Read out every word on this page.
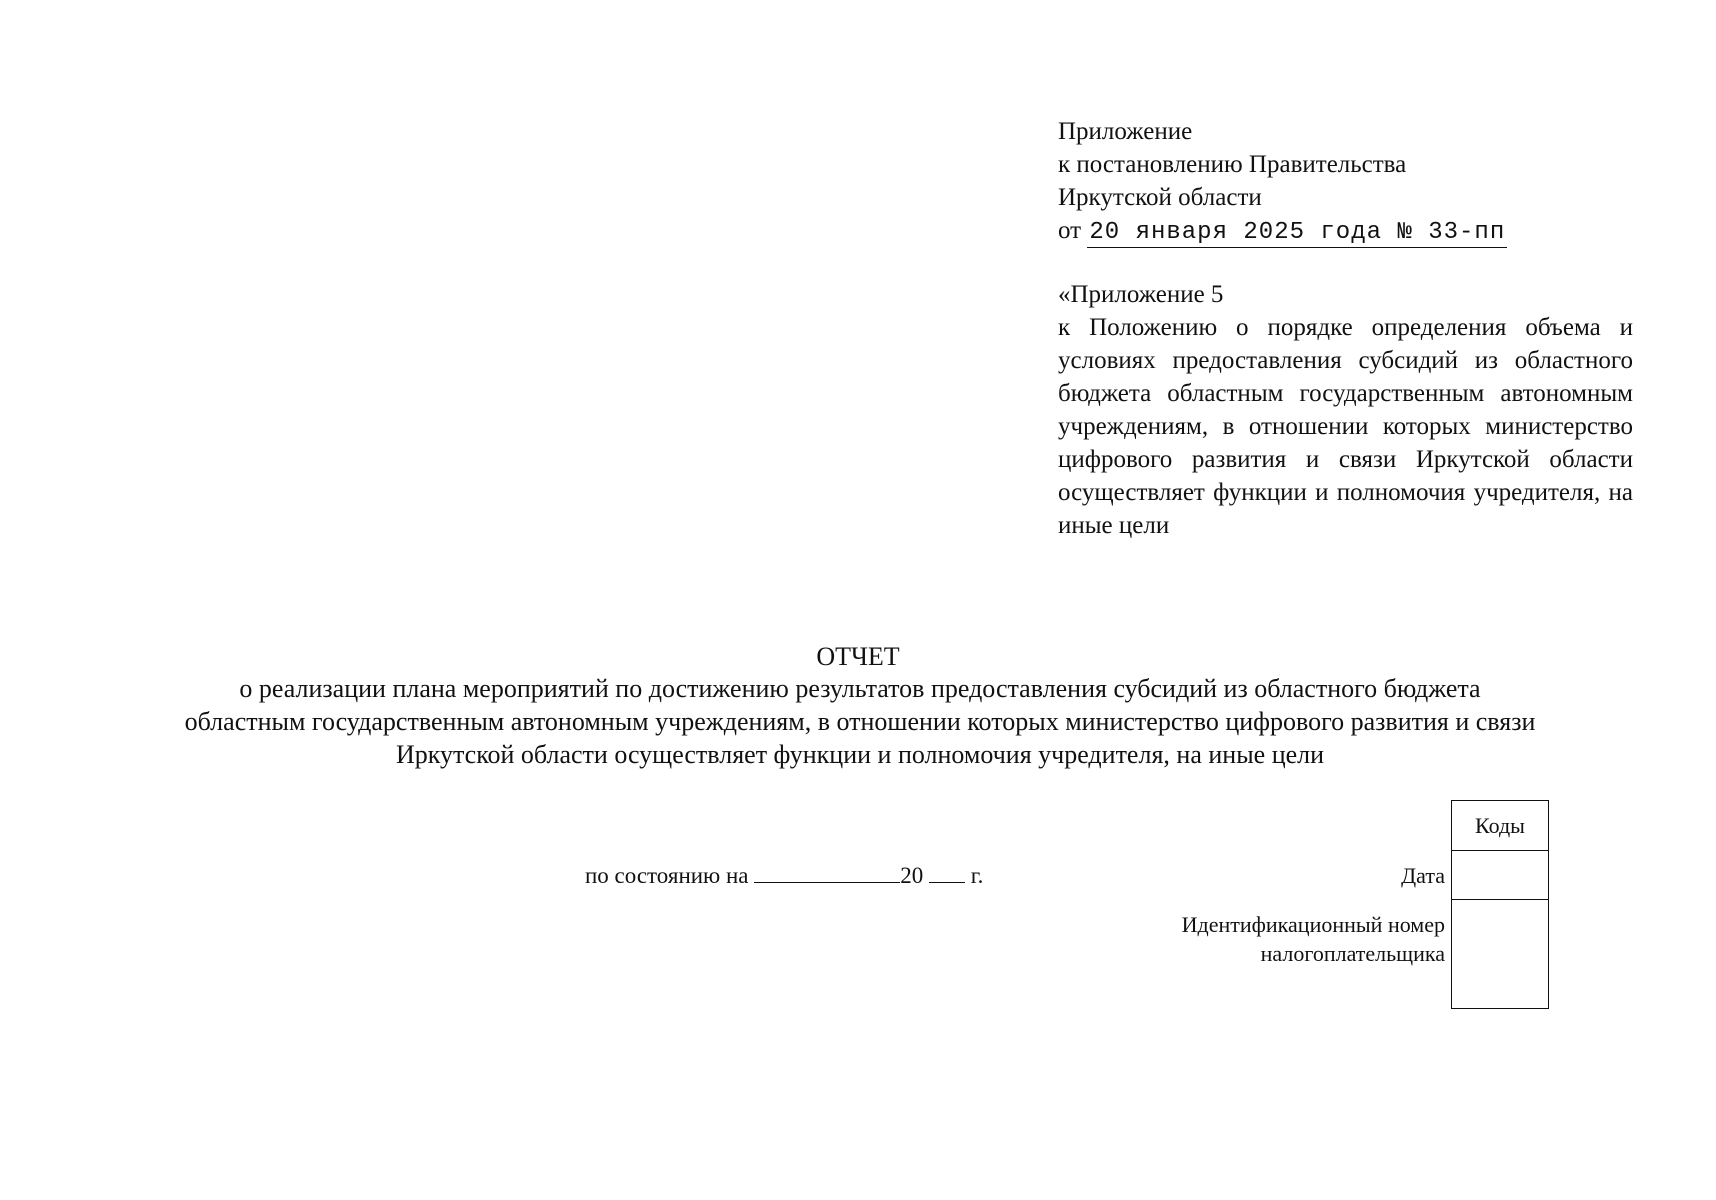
Приложение
к постановлению Правительства
Иркутской области
от 20 января 2025 года № 33-пп
«Приложение 5
к Положению о порядке определения объема и условиях предоставления субсидий из областного бюджета областным государственным автономным учреждениям, в отношении которых министерство цифрового развития и связи Иркутской области осуществляет функции и полномочия учредителя, на иные цели
ОТЧЕТ
о реализации плана мероприятий по достижению результатов предоставления субсидий из областного бюджета областным государственным автономным учреждениям, в отношении которых министерство цифрового развития и связи Иркутской области осуществляет функции и полномочия учредителя, на иные цели
по состоянию на	20 г.	Дата
Идентификационный номер налогоплательщика
Коды
